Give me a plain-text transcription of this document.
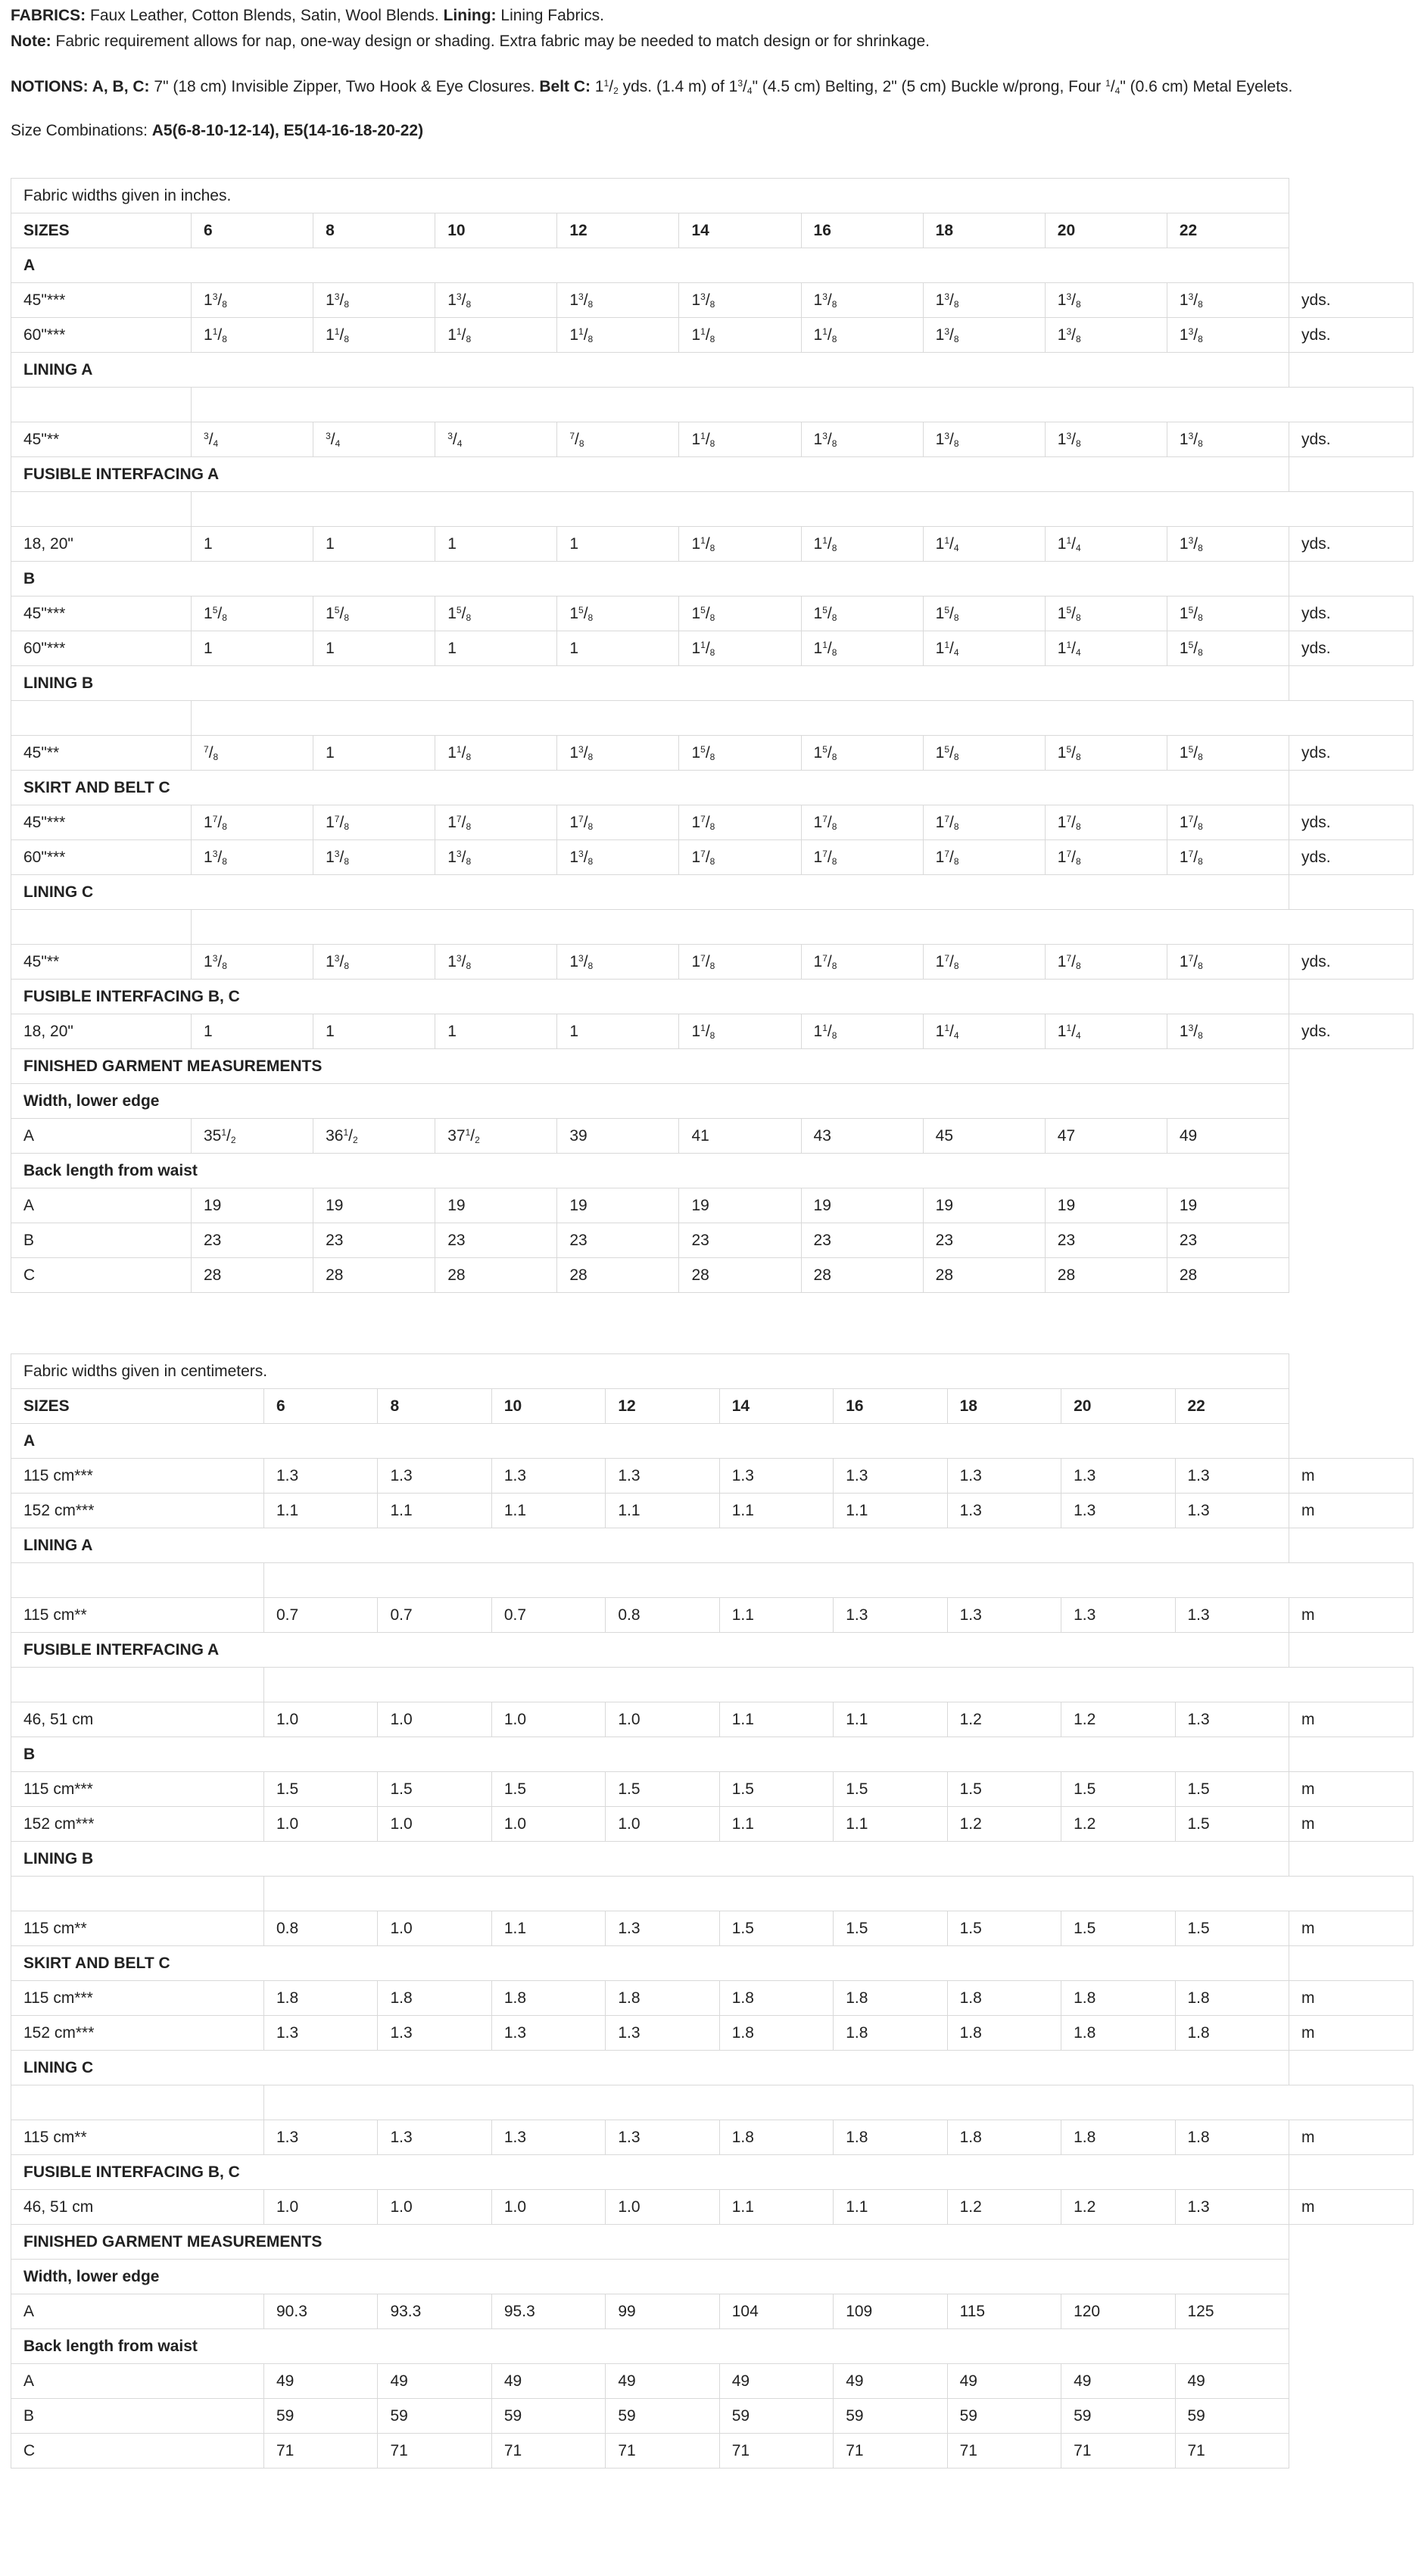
FABRICS: Faux Leather, Cotton Blends, Satin, Wool Blends. Lining: Lining Fabrics.

Note: Fabric requirement allows for nap, one-way design or shading. Extra fabric may be needed to match design or for shrinkage.

NOTIONS: A, B, C: 7" (18 cm) Invisible Zipper, Two Hook & Eye Closures. Belt C: $1^1/_2$ yds. (1.4 m) of $1^3/_4$" (4.5 cm) Belting, 2" (5 cm) Buckle w/prong, Four $^1/_4$" (0.6 cm) Metal Eyelets.

Size Combinations: A5(6-8-10-12-14), E5(14-16-18-20-22)

Fabric widths given in inches.										
SIZES	6	8	10	12	14	16	18	20	22	
A										
45"***	$1^3/_8$	$1^3/_8$	$1^3/_8$	$1^3/_8$	$1^3/_8$	$1^3/_8$	$1^3/_8$	$1^3/_8$	$1^3/_8$	yds.
60"***	$1^1/_8$	$1^1/_8$	$1^1/_8$	$1^1/_8$	$1^1/_8$	$1^1/_8$	$1^3/_8$	$1^3/_8$	$1^3/_8$	yds.
LINING A										

45"**	$^3/_4$	$^3/_4$	$^3/_4$	$^7/_8$	$1^1/_8$	$1^3/_8$	$1^3/_8$	$1^3/_8$	$1^3/_8$	yds.
FUSIBLE INTERFACING A										

18, 20"	1	1	1	1	$1^1/_8$	$1^1/_8$	$1^1/_4$	$1^1/_4$	$1^3/_8$	yds.
B										
45"***	$1^5/_8$	$1^5/_8$	$1^5/_8$	$1^5/_8$	$1^5/_8$	$1^5/_8$	$1^5/_8$	$1^5/_8$	$1^5/_8$	yds.
60"***	1	1	1	1	$1^1/_8$	$1^1/_8$	$1^1/_4$	$1^1/_4$	$1^5/_8$	yds.
LINING B										

45"**	$^7/_8$	1	$1^1/_8$	$1^3/_8$	$1^5/_8$	$1^5/_8$	$1^5/_8$	$1^5/_8$	$1^5/_8$	yds.
SKIRT AND BELT C										
45"***	$1^7/_8$	$1^7/_8$	$1^7/_8$	$1^7/_8$	$1^7/_8$	$1^7/_8$	$1^7/_8$	$1^7/_8$	$1^7/_8$	yds.
60"***	$1^3/_8$	$1^3/_8$	$1^3/_8$	$1^3/_8$	$1^7/_8$	$1^7/_8$	$1^7/_8$	$1^7/_8$	$1^7/_8$	yds.
LINING C										

45"**	$1^3/_8$	$1^3/_8$	$1^3/_8$	$1^3/_8$	$1^7/_8$	$1^7/_8$	$1^7/_8$	$1^7/_8$	$1^7/_8$	yds.
FUSIBLE INTERFACING B, C										
18, 20"	1	1	1	1	$1^1/_8$	$1^1/_8$	$1^1/_4$	$1^1/_4$	$1^3/_8$	yds.
FINISHED GARMENT MEASUREMENTS										
Width, lower edge										
A	$35^1/_2$	$36^1/_2$	$37^1/_2$	39	41	43	45	47	49	
Back length from waist										
A	19	19	19	19	19	19	19	19	19	
B	23	23	23	23	23	23	23	23	23	
C	28	28	28	28	28	28	28	28	28	
Fabric widths given in centimeters.										
SIZES	6	8	10	12	14	16	18	20	22	
A										
115 cm***	1.3	1.3	1.3	1.3	1.3	1.3	1.3	1.3	1.3	m
152 cm***	1.1	1.1	1.1	1.1	1.1	1.1	1.3	1.3	1.3	m
LINING A										

115 cm**	0.7	0.7	0.7	0.8	1.1	1.3	1.3	1.3	1.3	m
FUSIBLE INTERFACING A										

46, 51 cm	1.0	1.0	1.0	1.0	1.1	1.1	1.2	1.2	1.3	m
B										
115 cm***	1.5	1.5	1.5	1.5	1.5	1.5	1.5	1.5	1.5	m
152 cm***	1.0	1.0	1.0	1.0	1.1	1.1	1.2	1.2	1.5	m
LINING B										

115 cm**	0.8	1.0	1.1	1.3	1.5	1.5	1.5	1.5	1.5	m
SKIRT AND BELT C										
115 cm***	1.8	1.8	1.8	1.8	1.8	1.8	1.8	1.8	1.8	m
152 cm***	1.3	1.3	1.3	1.3	1.8	1.8	1.8	1.8	1.8	m
LINING C										

115 cm**	1.3	1.3	1.3	1.3	1.8	1.8	1.8	1.8	1.8	m
FUSIBLE INTERFACING B, C										
46, 51 cm	1.0	1.0	1.0	1.0	1.1	1.1	1.2	1.2	1.3	m
FINISHED GARMENT MEASUREMENTS										
Width, lower edge										
A	90.3	93.3	95.3	99	104	109	115	120	125	
Back length from waist										
A	49	49	49	49	49	49	49	49	49	
B	59	59	59	59	59	59	59	59	59	
C	71	71	71	71	71	71	71	71	71	
